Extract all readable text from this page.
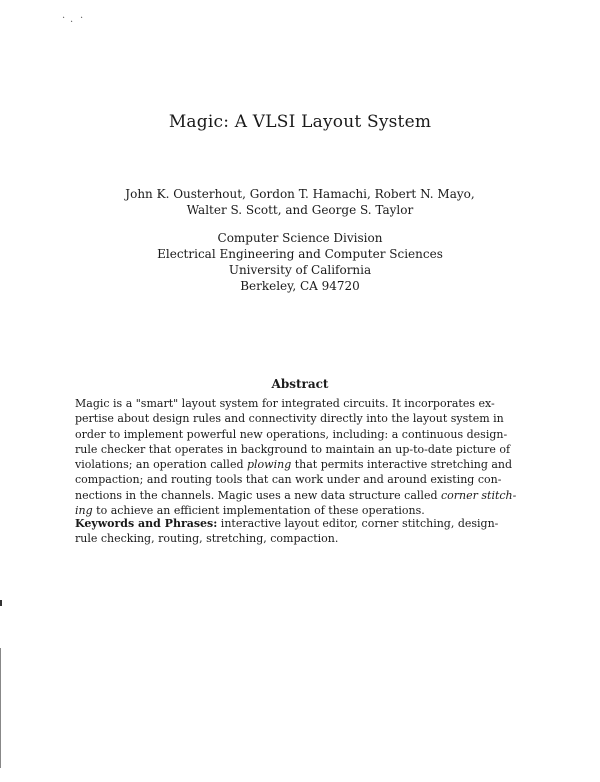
· · ·
Magic: A VLSI Layout System
John K. Ousterhout, Gordon T. Hamachi, Robert N. Mayo,
Walter S. Scott, and George S. Taylor
Computer Science Division
Electrical Engineering and Computer Sciences
University of California
Berkeley, CA 94720
Abstract
Magic is a "smart" layout system for integrated circuits. It incorporates ex-
pertise about design rules and connectivity directly into the layout system in
order to implement powerful new operations, including: a continuous design-
rule checker that operates in background to maintain an up-to-date picture of
violations; an operation called plowing that permits interactive stretching and
compaction; and routing tools that can work under and around existing con-
nections in the channels. Magic uses a new data structure called corner stitch-
ing to achieve an efficient implementation of these operations.
Keywords and Phrases: interactive layout editor, corner stitching, design-
rule checking, routing, stretching, compaction.
